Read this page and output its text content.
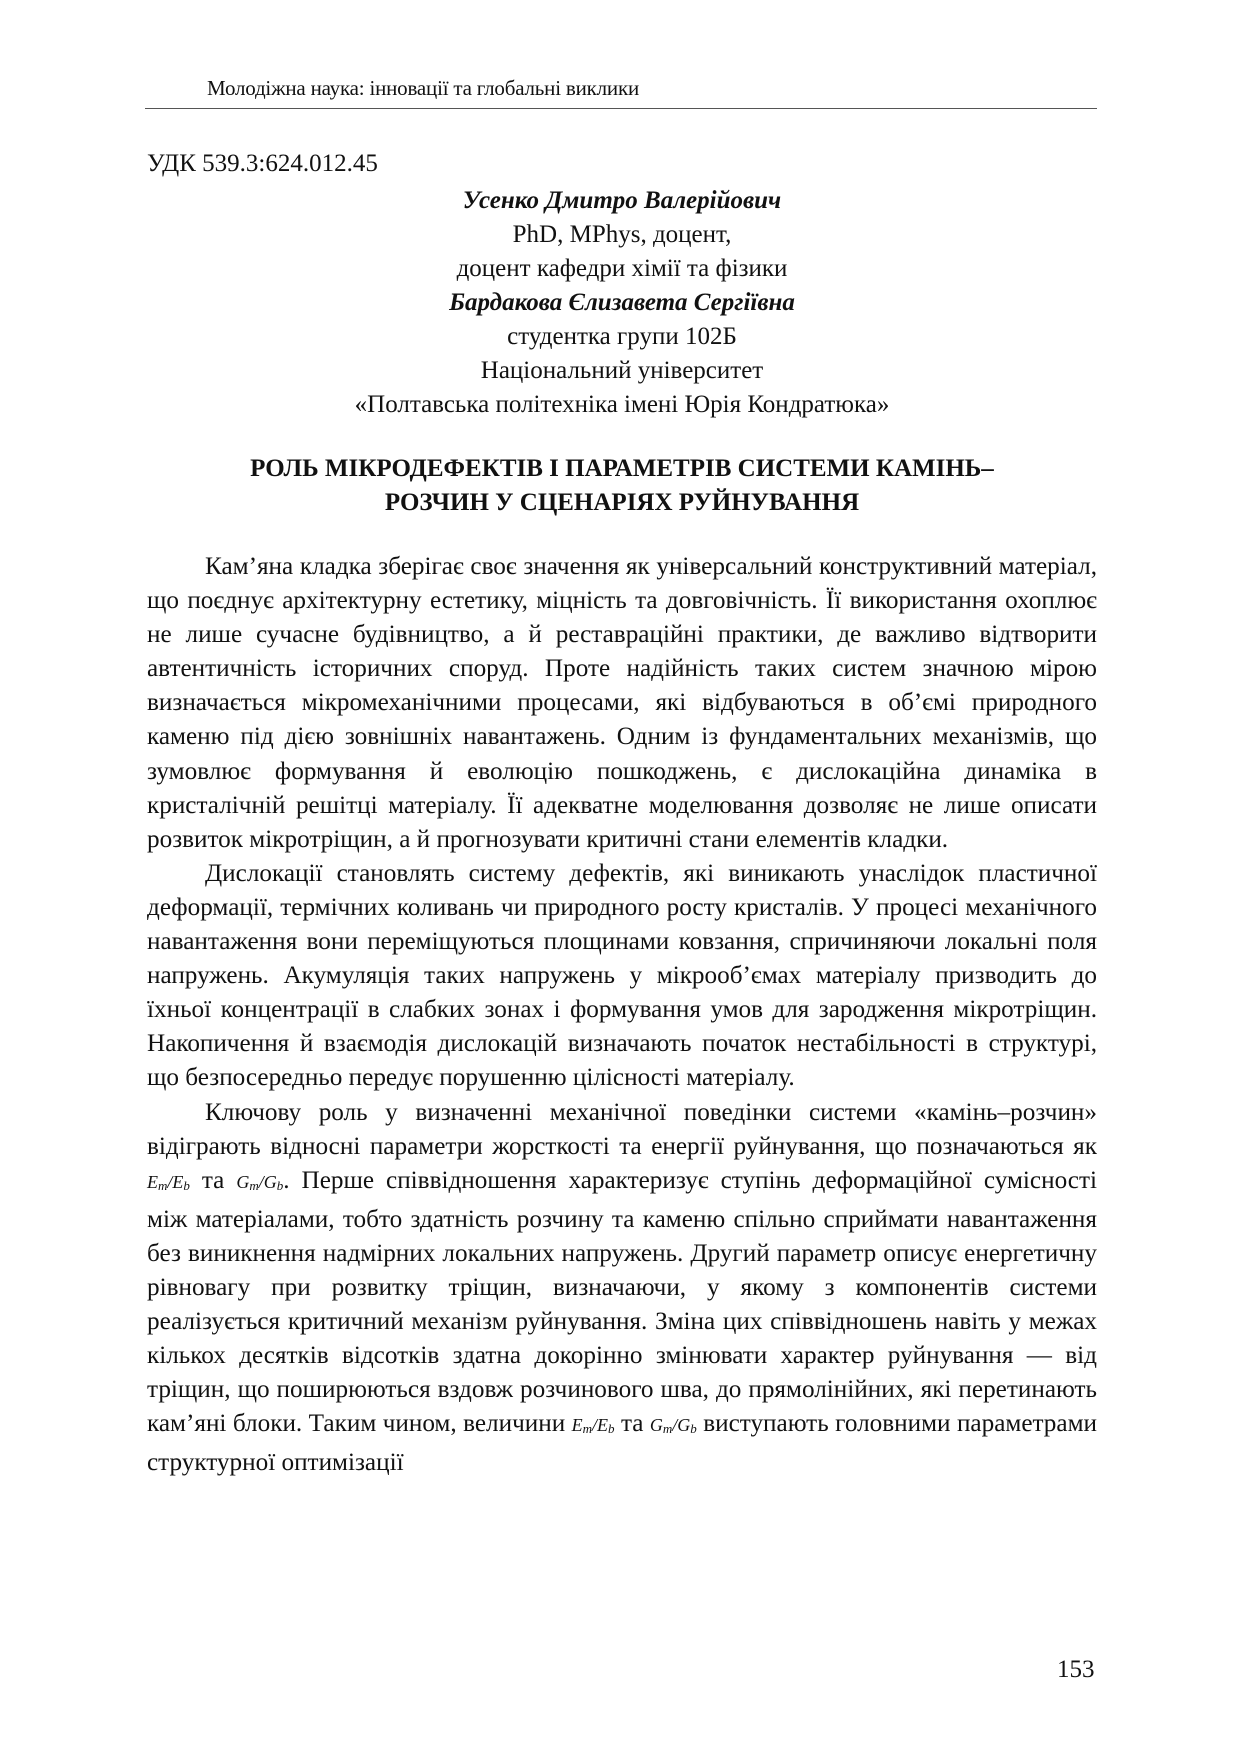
Молодіжна наука: інновації та глобальні виклики
УДК 539.3:624.012.45
Усенко Дмитро Валерійович
PhD, MPhys, доцент,
доцент кафедри хімії та фізики
Бардакова Єлизавета Сергіївна
студентка групи 102Б
Національний університет
«Полтавська політехніка імені Юрія Кондратюка»
РОЛЬ МІКРОДЕФЕКТІВ І ПАРАМЕТРІВ СИСТЕМИ КАМІНЬ–
РОЗЧИН У СЦЕНАРІЯХ РУЙНУВАННЯ

Кам’яна кладка зберігає своє значення як універсальний конструктивний матеріал, що поєднує архітектурну естетику, міцність та довговічність. Її використання охоплює не лише сучасне будівництво, а й реставраційні практики, де важливо відтворити автентичність історичних споруд. Проте надійність таких систем значною мірою визначається мікромеханічними процесами, які відбуваються в об’ємі природного каменю під дією зовнішніх навантажень. Одним із фундаментальних механізмів, що зумовлює формування й еволюцію пошкоджень, є дислокаційна динаміка в кристалічній решітці матеріалу. Її адекватне моделювання дозволяє не лише описати розвиток мікротріщин, а й прогнозувати критичні стани елементів кладки.

Дислокації становлять систему дефектів, які виникають унаслідок пластичної деформації, термічних коливань чи природного росту кристалів. У процесі механічного навантаження вони переміщуються площинами ковзання, спричиняючи локальні поля напружень. Акумуляція таких напружень у мікрооб’ємах матеріалу призводить до їхньої концентрації в слабких зонах і формування умов для зародження мікротріщин. Накопичення й взаємодія дислокацій визначають початок нестабільності в структурі, що безпосередньо передує порушенню цілісності матеріалу.

Ключову роль у визначенні механічної поведінки системи «камінь–розчин» відіграють відносні параметри жорсткості та енергії руйнування, що позначаються як $E_m/E_b$ та $G_m/G_b$. Перше співвідношення характеризує ступінь деформаційної сумісності між матеріалами, тобто здатність розчину та каменю спільно сприймати навантаження без виникнення надмірних локальних напружень. Другий параметр описує енергетичну рівновагу при розвитку тріщин, визначаючи, у якому з компонентів системи реалізується критичний механізм руйнування. Зміна цих співвідношень навіть у межах кількох десятків відсотків здатна докорінно змінювати характер руйнування — від тріщин, що поширюються вздовж розчинового шва, до прямолінійних, які перетинають кам’яні блоки. Таким чином, величини $E_m/E_b$ та $G_m/G_b$ виступають головними параметрами структурної оптимізації

153
